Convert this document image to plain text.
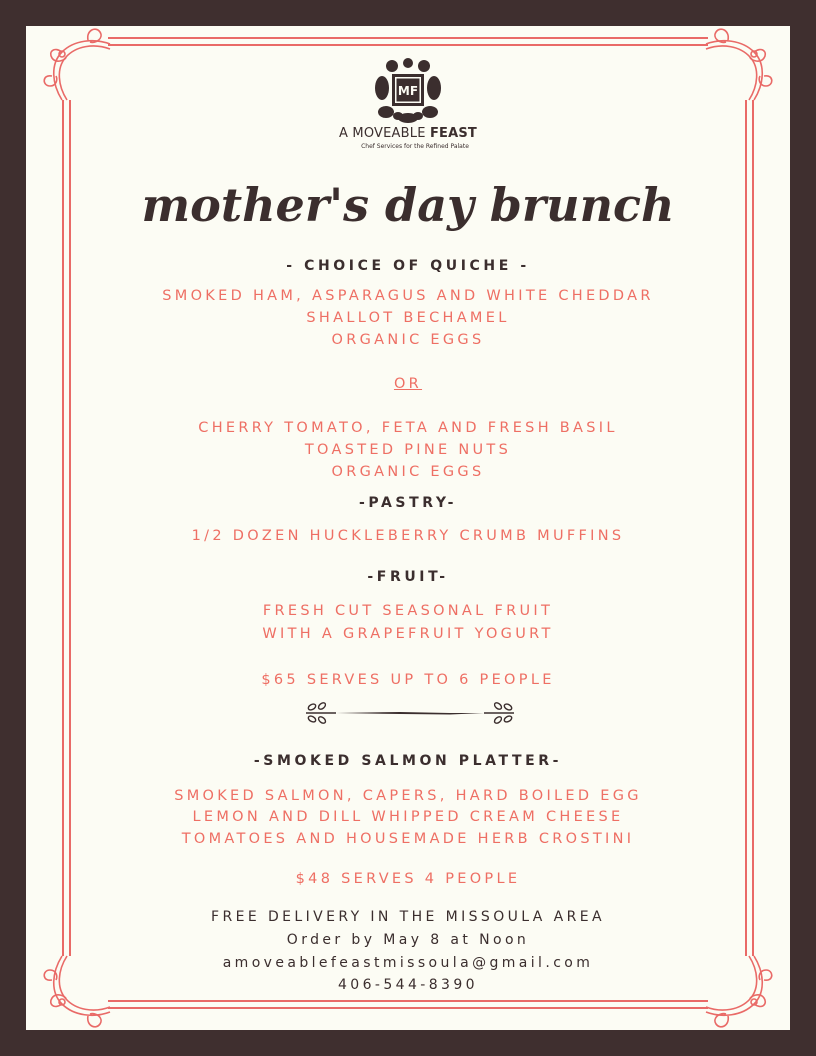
MF
A MOVEABLE FEAST
Chef Services for the Refined Palate
mother's day brunch
- CHOICE OF QUICHE -
SMOKED HAM, ASPARAGUS AND WHITE CHEDDAR
SHALLOT BECHAMEL
ORGANIC EGGS
OR
CHERRY TOMATO, FETA AND FRESH BASIL
TOASTED PINE NUTS
ORGANIC EGGS
-PASTRY-
1/2 DOZEN HUCKLEBERRY CRUMB MUFFINS
-FRUIT-
FRESH CUT SEASONAL FRUIT
WITH A GRAPEFRUIT YOGURT
$65 SERVES UP TO 6 PEOPLE
-SMOKED SALMON PLATTER-
SMOKED SALMON, CAPERS, HARD BOILED EGG
LEMON AND DILL WHIPPED CREAM CHEESE
TOMATOES AND HOUSEMADE HERB CROSTINI
$48 SERVES 4 PEOPLE
FREE DELIVERY IN THE MISSOULA AREA
Order by May 8 at Noon
amoveablefeastmissoula@gmail.com
406-544-8390
